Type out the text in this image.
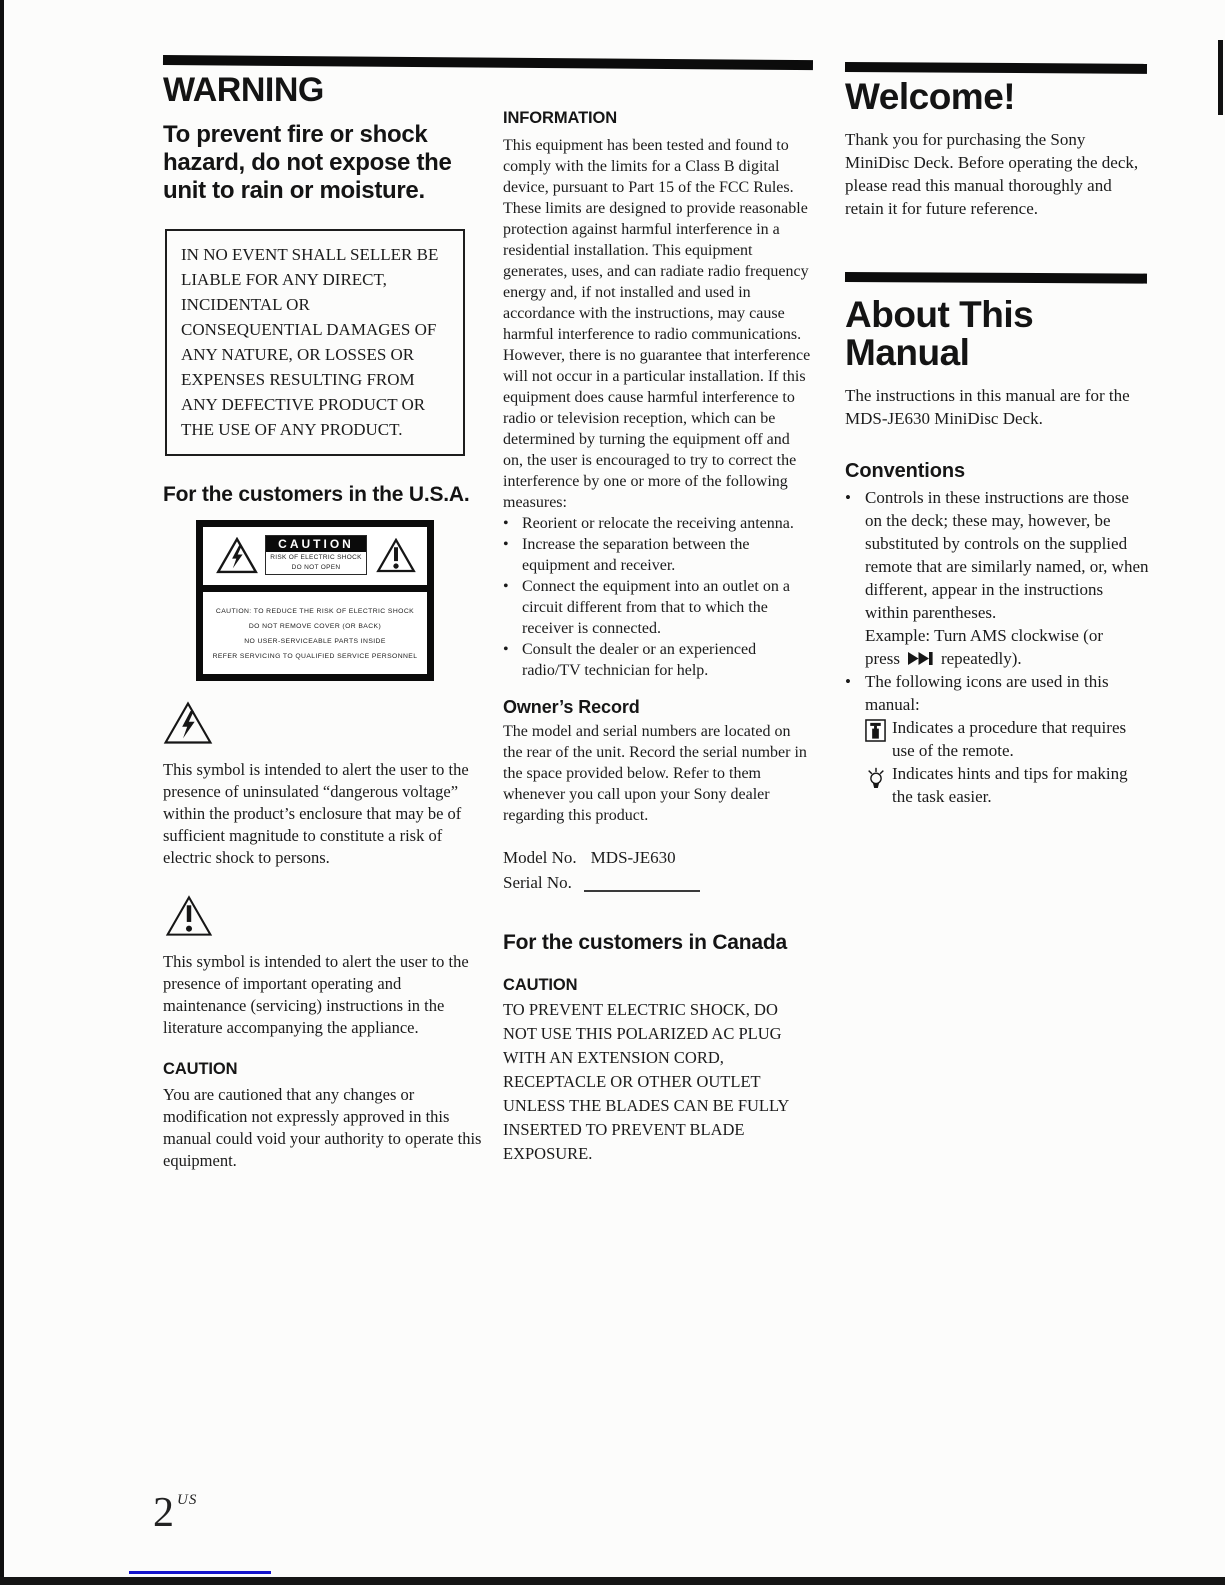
WARNING
To prevent fire or shock hazard, do not expose the unit to rain or moisture.
IN NO EVENT SHALL SELLER BE LIABLE FOR ANY DIRECT, INCIDENTAL OR CONSEQUENTIAL DAMAGES OF ANY NATURE, OR LOSSES OR EXPENSES RESULTING FROM ANY DEFECTIVE PRODUCT OR THE USE OF ANY PRODUCT.
For the customers in the U.S.A.
CAUTION
RISK OF ELECTRIC SHOCK
DO NOT OPEN
CAUTION: TO REDUCE THE RISK OF ELECTRIC SHOCK
DO NOT REMOVE COVER (OR BACK)
NO USER-SERVICEABLE PARTS INSIDE
REFER SERVICING TO QUALIFIED SERVICE PERSONNEL

This symbol is intended to alert the user to the presence of uninsulated “dangerous voltage” within the product’s enclosure that may be of sufficient magnitude to constitute a risk of electric shock to persons.

This symbol is intended to alert the user to the presence of important operating and maintenance (servicing) instructions in the literature accompanying the appliance.

CAUTION

You are cautioned that any changes or modification not expressly approved in this manual could void your authority to operate this equipment.

INFORMATION

This equipment has been tested and found to comply with the limits for a Class B digital device, pursuant to Part 15 of the FCC Rules. These limits are designed to provide reasonable protection against harmful interference in a residential installation. This equipment generates, uses, and can radiate radio frequency energy and, if not installed and used in accordance with the instructions, may cause harmful interference to radio communications. However, there is no guarantee that interference will not occur in a particular installation. If this equipment does cause harmful interference to radio or television reception, which can be determined by turning the equipment off and on, the user is encouraged to try to correct the interference by one or more of the following measures:

• Reorient or relocate the receiving antenna.
• Increase the separation between the equipment and receiver.
• Connect the equipment into an outlet on a circuit different from that to which the receiver is connected.
• Consult the dealer or an experienced radio/TV technician for help.
Owner’s Record

The model and serial numbers are located on the rear of the unit. Record the serial number in the space provided below. Refer to them whenever you call upon your Sony dealer regarding this product.

Model No. MDS-JE630
Serial No.
For the customers in Canada
CAUTION

TO PREVENT ELECTRIC SHOCK, DO NOT USE THIS POLARIZED AC PLUG WITH AN EXTENSION CORD, RECEPTACLE OR OTHER OUTLET UNLESS THE BLADES CAN BE FULLY INSERTED TO PREVENT BLADE EXPOSURE.

Welcome!

Thank you for purchasing the Sony MiniDisc Deck. Before operating the deck, please read this manual thoroughly and retain it for future reference.

About This Manual

The instructions in this manual are for the MDS-JE630 MiniDisc Deck.

Conventions
• Controls in these instructions are those on the deck; these may, however, be substituted by controls on the supplied remote that are similarly named, or, when different, appear in the instructions within parentheses.
Example: Turn AMS clockwise (or
press repeatedly).
• The following icons are used in this manual:
Indicates a procedure that requires use of the remote.
Indicates hints and tips for making the task easier.
2 $^{US}$
